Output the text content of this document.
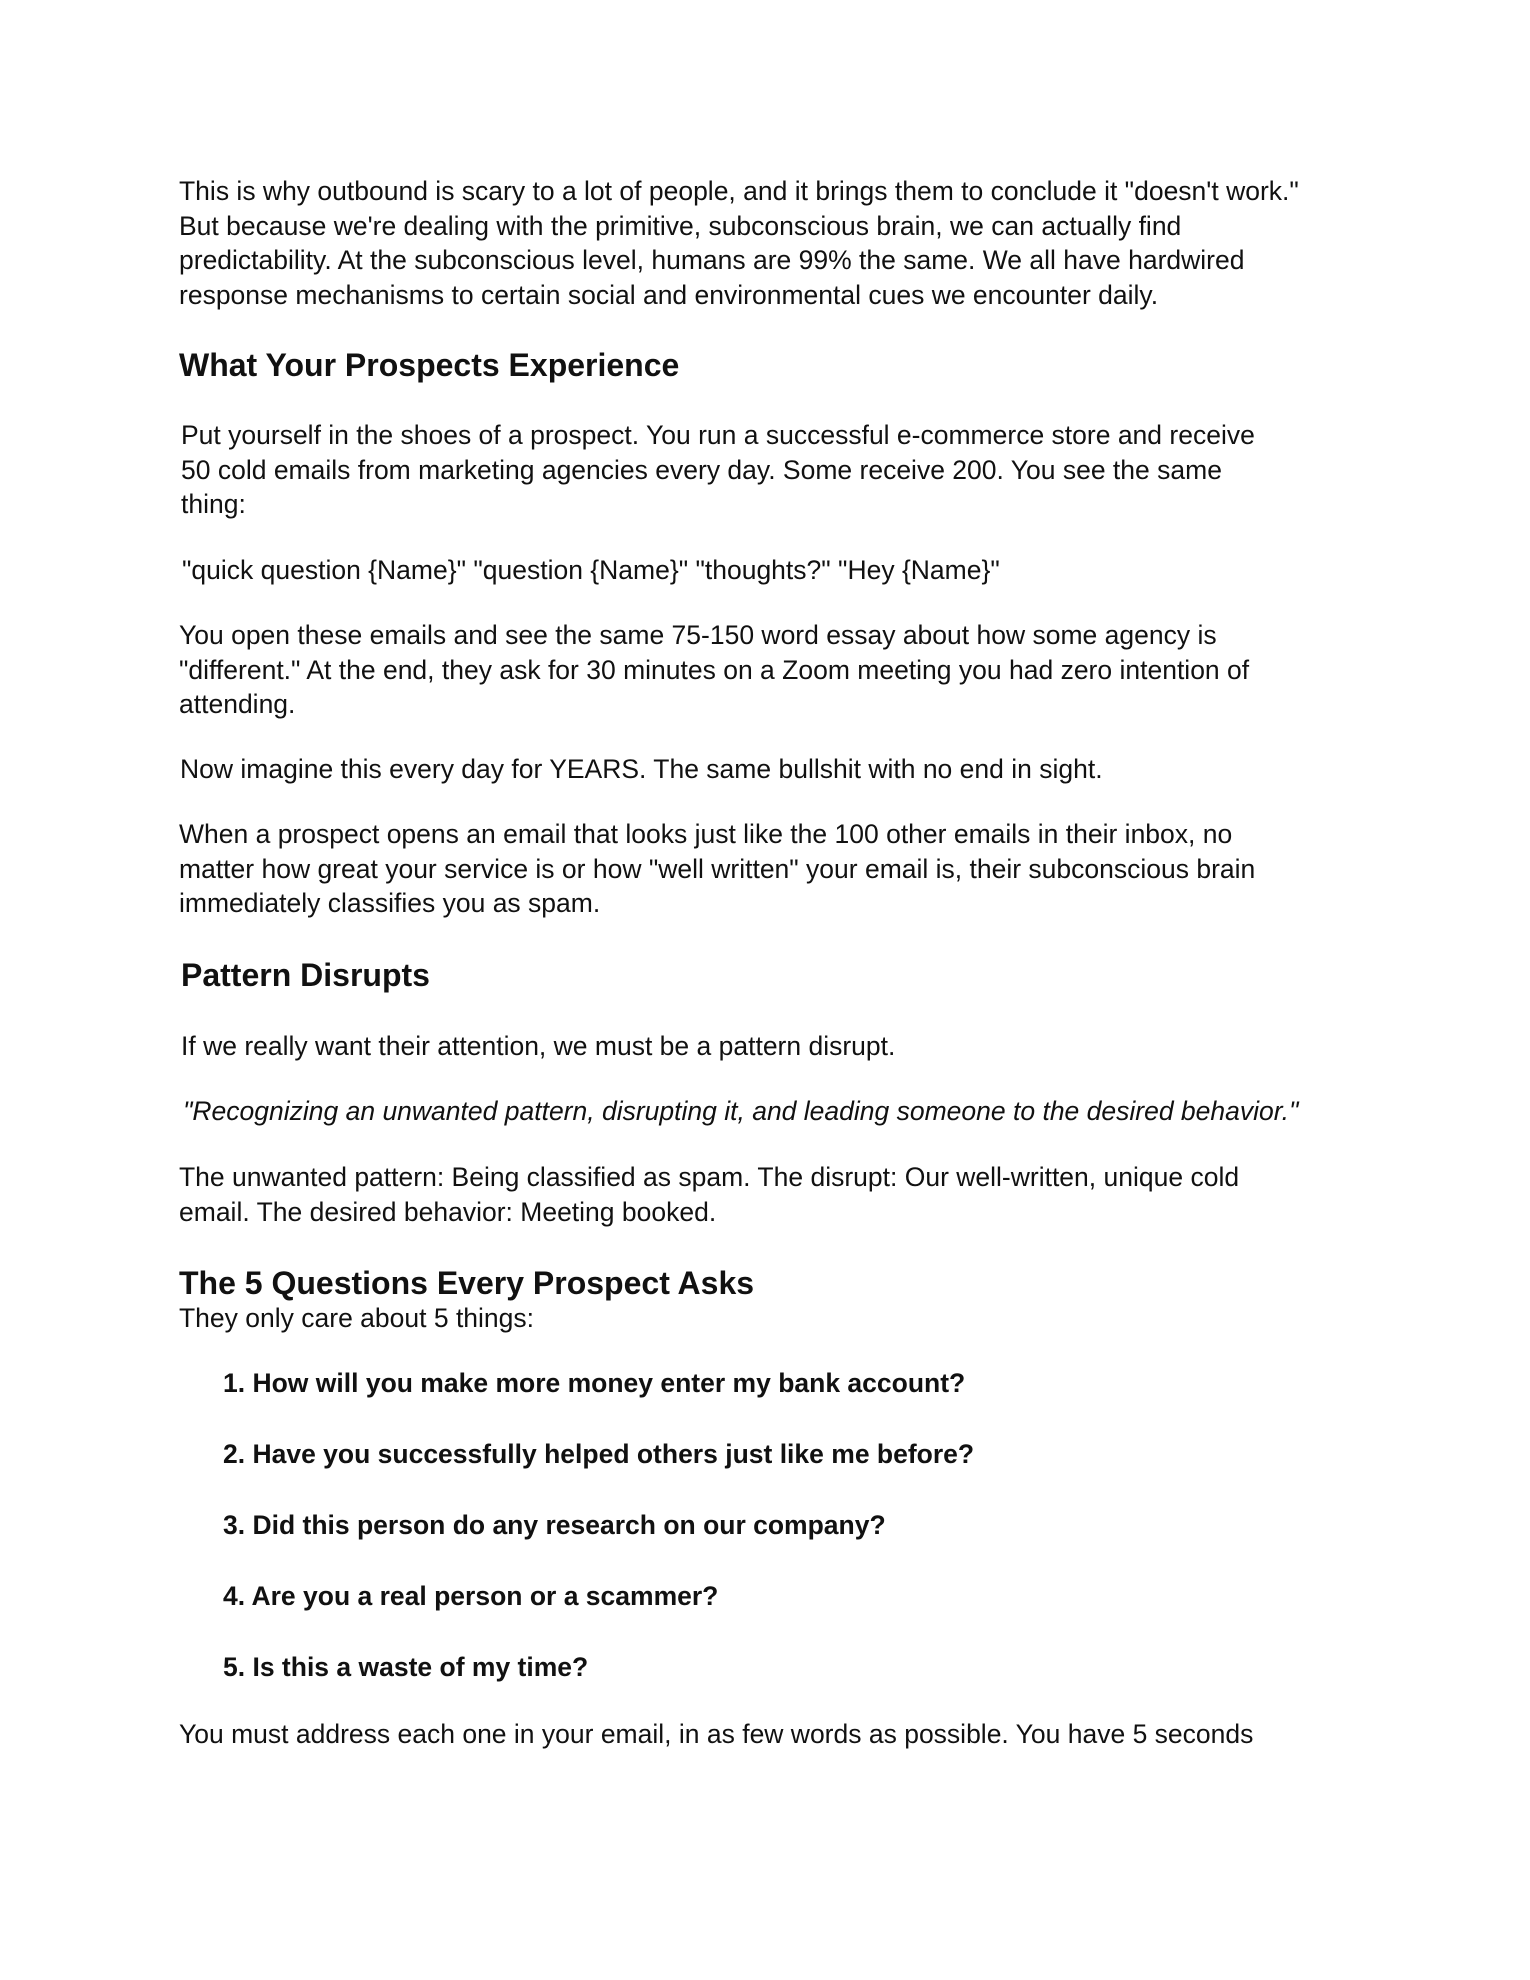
This is why outbound is scary to a lot of people, and it brings them to conclude it "doesn't work."
But because we're dealing with the primitive, subconscious brain, we can actually find
predictability. At the subconscious level, humans are 99% the same. We all have hardwired
response mechanisms to certain social and environmental cues we encounter daily.

What Your Prospects Experience

Put yourself in the shoes of a prospect. You run a successful e-commerce store and receive
50 cold emails from marketing agencies every day. Some receive 200. You see the same
thing:

"quick question {Name}" "question {Name}" "thoughts?" "Hey {Name}"

You open these emails and see the same 75-150 word essay about how some agency is
"different." At the end, they ask for 30 minutes on a Zoom meeting you had zero intention of
attending.

Now imagine this every day for YEARS. The same bullshit with no end in sight.

When a prospect opens an email that looks just like the 100 other emails in their inbox, no
matter how great your service is or how "well written" your email is, their subconscious brain
immediately classifies you as spam.

Pattern Disrupts

If we really want their attention, we must be a pattern disrupt.

"Recognizing an unwanted pattern, disrupting it, and leading someone to the desired behavior."

The unwanted pattern: Being classified as spam. The disrupt: Our well-written, unique cold
email. The desired behavior: Meeting booked.

The 5 Questions Every Prospect Asks

They only care about 5 things:

1. How will you make more money enter my bank account?

2. Have you successfully helped others just like me before?

3. Did this person do any research on our company?

4. Are you a real person or a scammer?

5. Is this a waste of my time?

You must address each one in your email, in as few words as possible. You have 5 seconds
